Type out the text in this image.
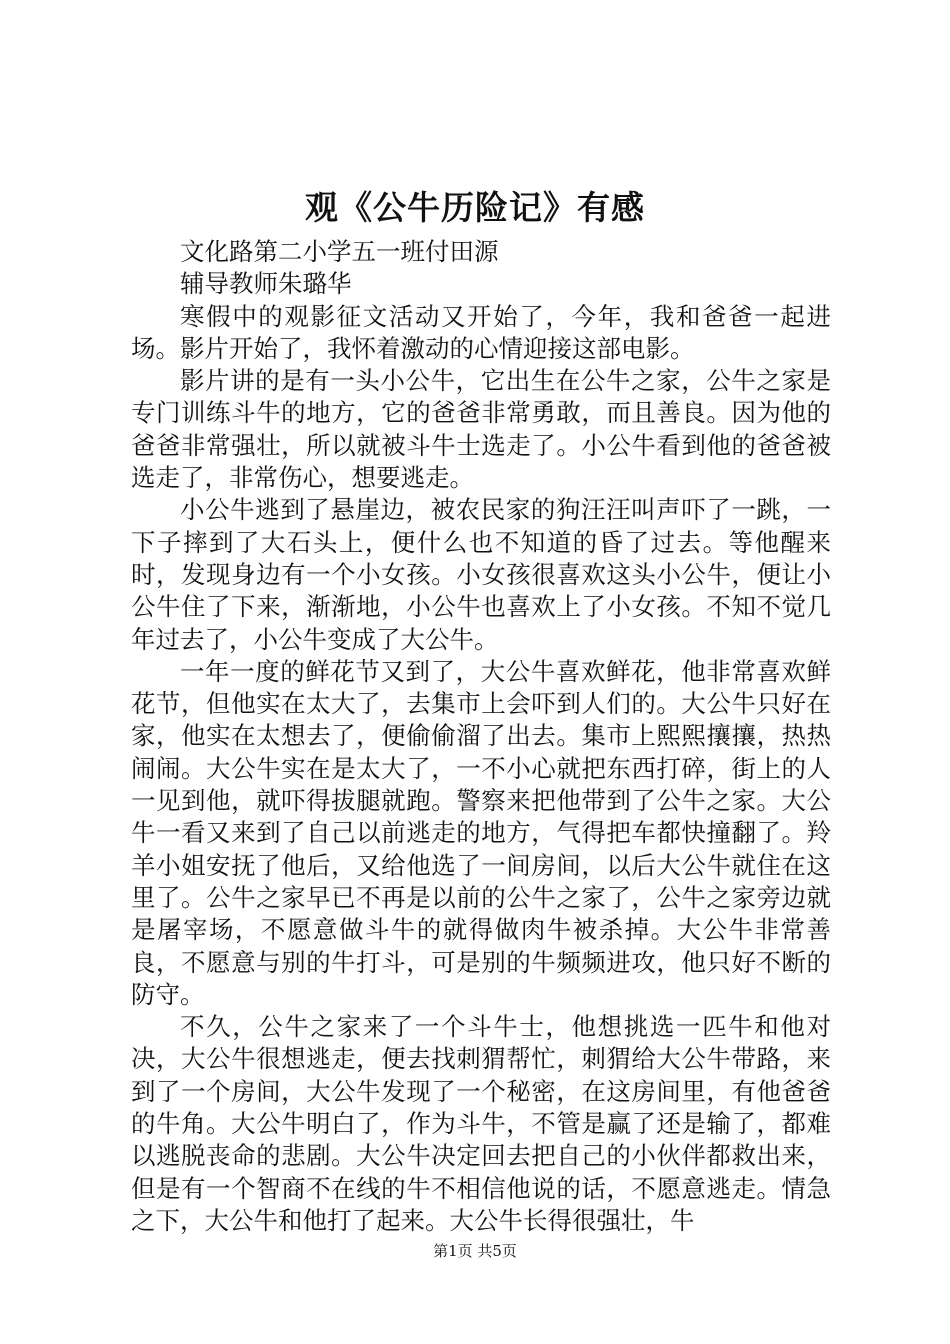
观《公牛历险记》有感

文化路第二小学五一班付田源

辅导教师朱璐华

寒假中的观影征文活动又开始了，今年，我和爸爸一起进场。影片开始了，我怀着激动的心情迎接这部电影。

影片讲的是有一头小公牛，它出生在公牛之家，公牛之家是专门训练斗牛的地方，它的爸爸非常勇敢，而且善良。因为他的爸爸非常强壮，所以就被斗牛士选走了。小公牛看到他的爸爸被选走了，非常伤心，想要逃走。

小公牛逃到了悬崖边，被农民家的狗汪汪叫声吓了一跳，一下子摔到了大石头上，便什么也不知道的昏了过去。等他醒来时，发现身边有一个小女孩。小女孩很喜欢这头小公牛，便让小公牛住了下来，渐渐地，小公牛也喜欢上了小女孩。不知不觉几年过去了，小公牛变成了大公牛。

一年一度的鲜花节又到了，大公牛喜欢鲜花，他非常喜欢鲜花节，但他实在太大了，去集市上会吓到人们的。大公牛只好在家，他实在太想去了，便偷偷溜了出去。集市上熙熙攘攘，热热闹闹。大公牛实在是太大了，一不小心就把东西打碎，街上的人一见到他，就吓得拔腿就跑。警察来把他带到了公牛之家。大公牛一看又来到了自己以前逃走的地方，气得把车都快撞翻了。羚羊小姐安抚了他后，又给他选了一间房间，以后大公牛就住在这里了。公牛之家早已不再是以前的公牛之家了，公牛之家旁边就是屠宰场，不愿意做斗牛的就得做肉牛被杀掉。大公牛非常善良，不愿意与别的牛打斗，可是别的牛频频进攻，他只好不断的防守。

不久，公牛之家来了一个斗牛士，他想挑选一匹牛和他对决，大公牛很想逃走，便去找刺猬帮忙，刺猬给大公牛带路，来到了一个房间，大公牛发现了一个秘密，在这房间里，有他爸爸的牛角。大公牛明白了，作为斗牛，不管是赢了还是输了，都难以逃脱丧命的悲剧。大公牛决定回去把自己的小伙伴都救出来，但是有一个智商不在线的牛不相信他说的话，不愿意逃走。情急之下，大公牛和他打了起来。大公牛长得很强壮，牛

第1页 共5页
